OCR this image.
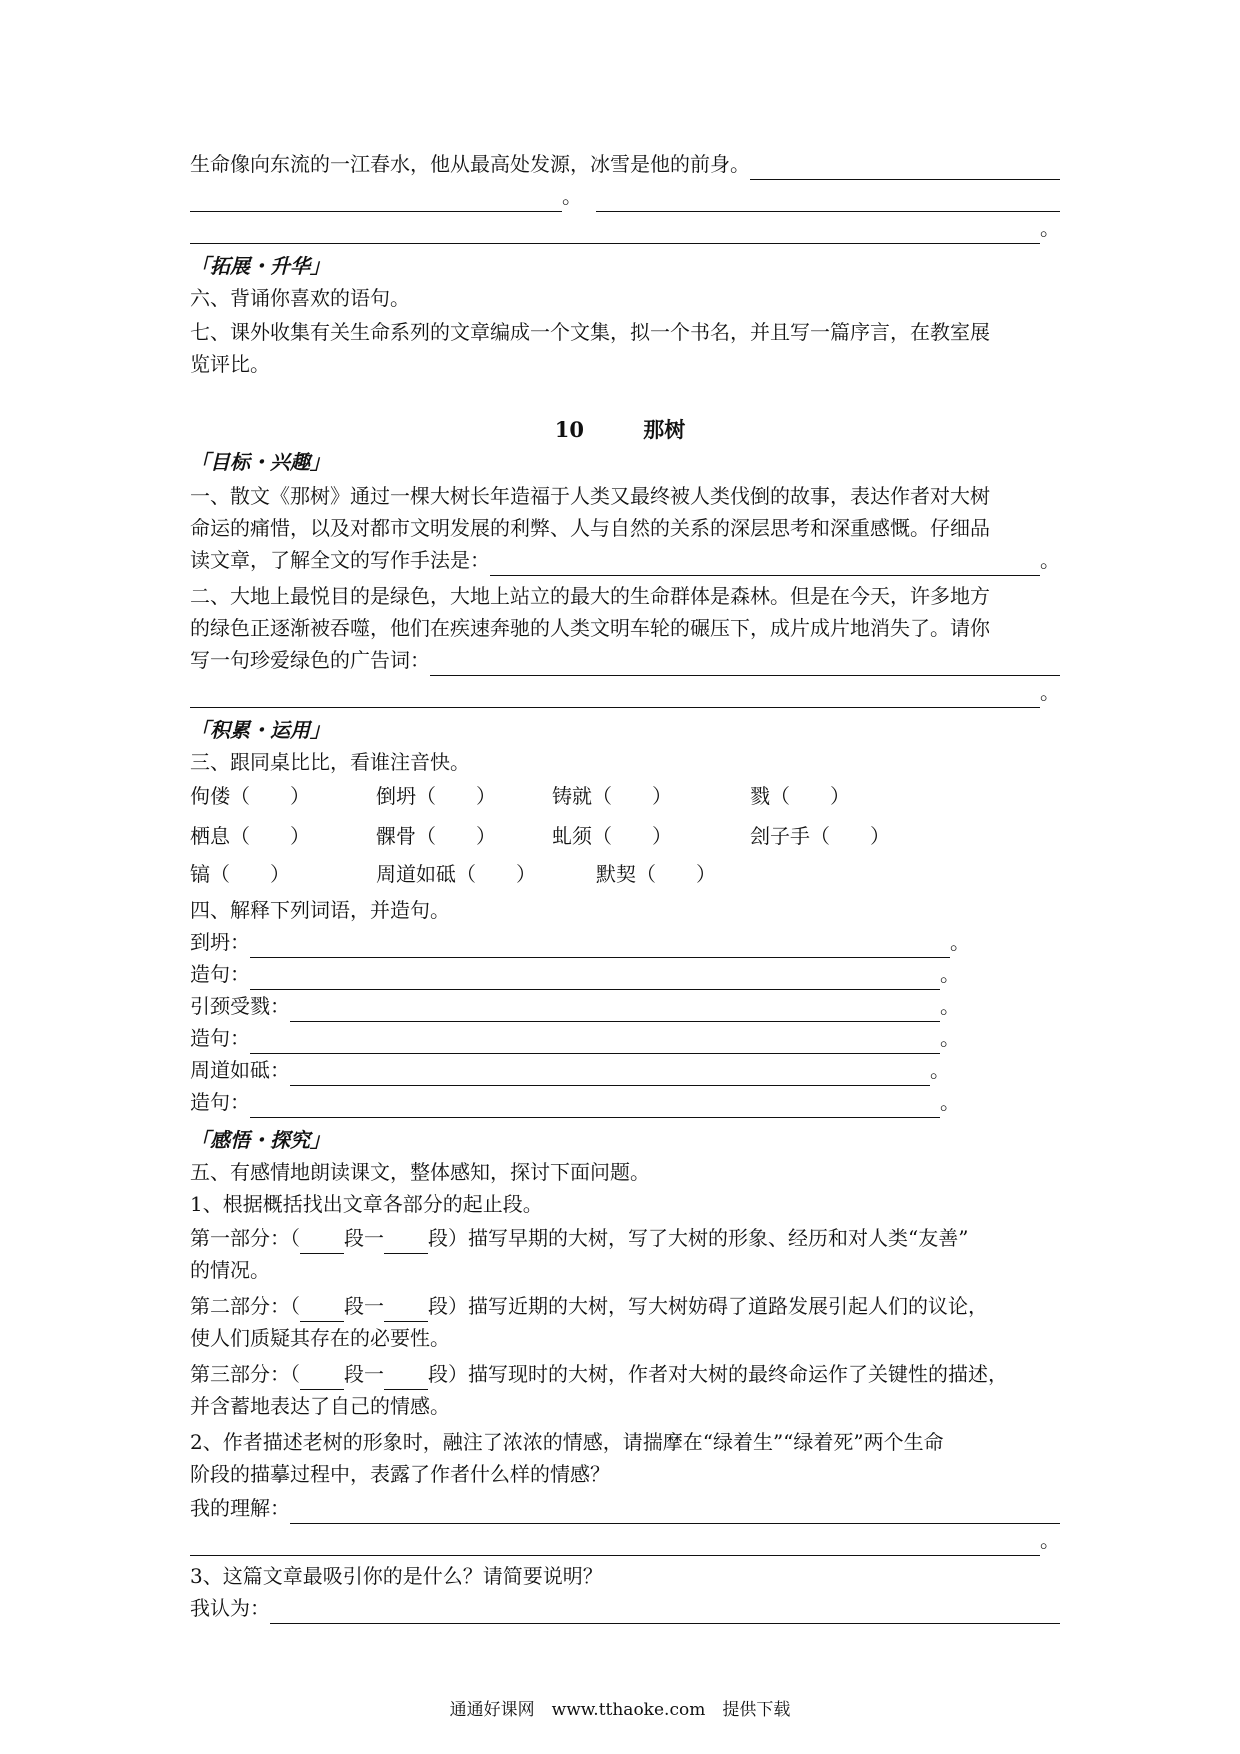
生命像向东流的一江春水，他从最高处发源，冰雪是他的前身。
。
。
「拓展・升华」
六、背诵你喜欢的语句。
七、课外收集有关生命系列的文章编成一个文集，拟一个书名，并且写一篇序言，在教室展
览评比。
10	那树
「目标・兴趣」
一、散文《那树》通过一棵大树长年造福于人类又最终被人类伐倒的故事，表达作者对大树
命运的痛惜，以及对都市文明发展的利弊、人与自然的关系的深层思考和深重感慨。仔细品
读文章，了解全文的写作手法是：	。
二、大地上最悦目的是绿色，大地上站立的最大的生命群体是森林。但是在今天，许多地方
的绿色正逐渐被吞噬，他们在疾速奔驰的人类文明车轮的碾压下，成片成片地消失了。请你
写一句珍爱绿色的广告词：
。
「积累・运用」
三、跟同桌比比，看谁注音快。
佝偻（　　）	倒坍（　　）	铸就（　　）	戮（　　）
栖息（　　）	髁骨（　　）	虬须（　　）	刽子手（　　）
镐（　　）	周道如砥（　　）	默契（　　）
四、解释下列词语，并造句。
到坍：	。
造句：	。
引颈受戮：	。
造句：	。
周道如砥：	。
造句：	。
「感悟・探究」
五、有感情地朗读课文，整体感知，探讨下面问题。
1、根据概括找出文章各部分的起止段。
第一部分：（ 段一 段）描写早期的大树，写了大树的形象、经历和对人类“友善”
的情况。
第二部分：（ 段一 段）描写近期的大树，写大树妨碍了道路发展引起人们的议论，
使人们质疑其存在的必要性。
第三部分：（ 段一 段）描写现时的大树，作者对大树的最终命运作了关键性的描述，
并含蓄地表达了自己的情感。
2、作者描述老树的形象时，融注了浓浓的情感，请揣摩在“绿着生”“绿着死”两个生命
阶段的描摹过程中，表露了作者什么样的情感？
我的理解：
。
3、这篇文章最吸引你的是什么？请简要说明？
我认为：
通通好课网　www.tthaoke.com　提供下载
